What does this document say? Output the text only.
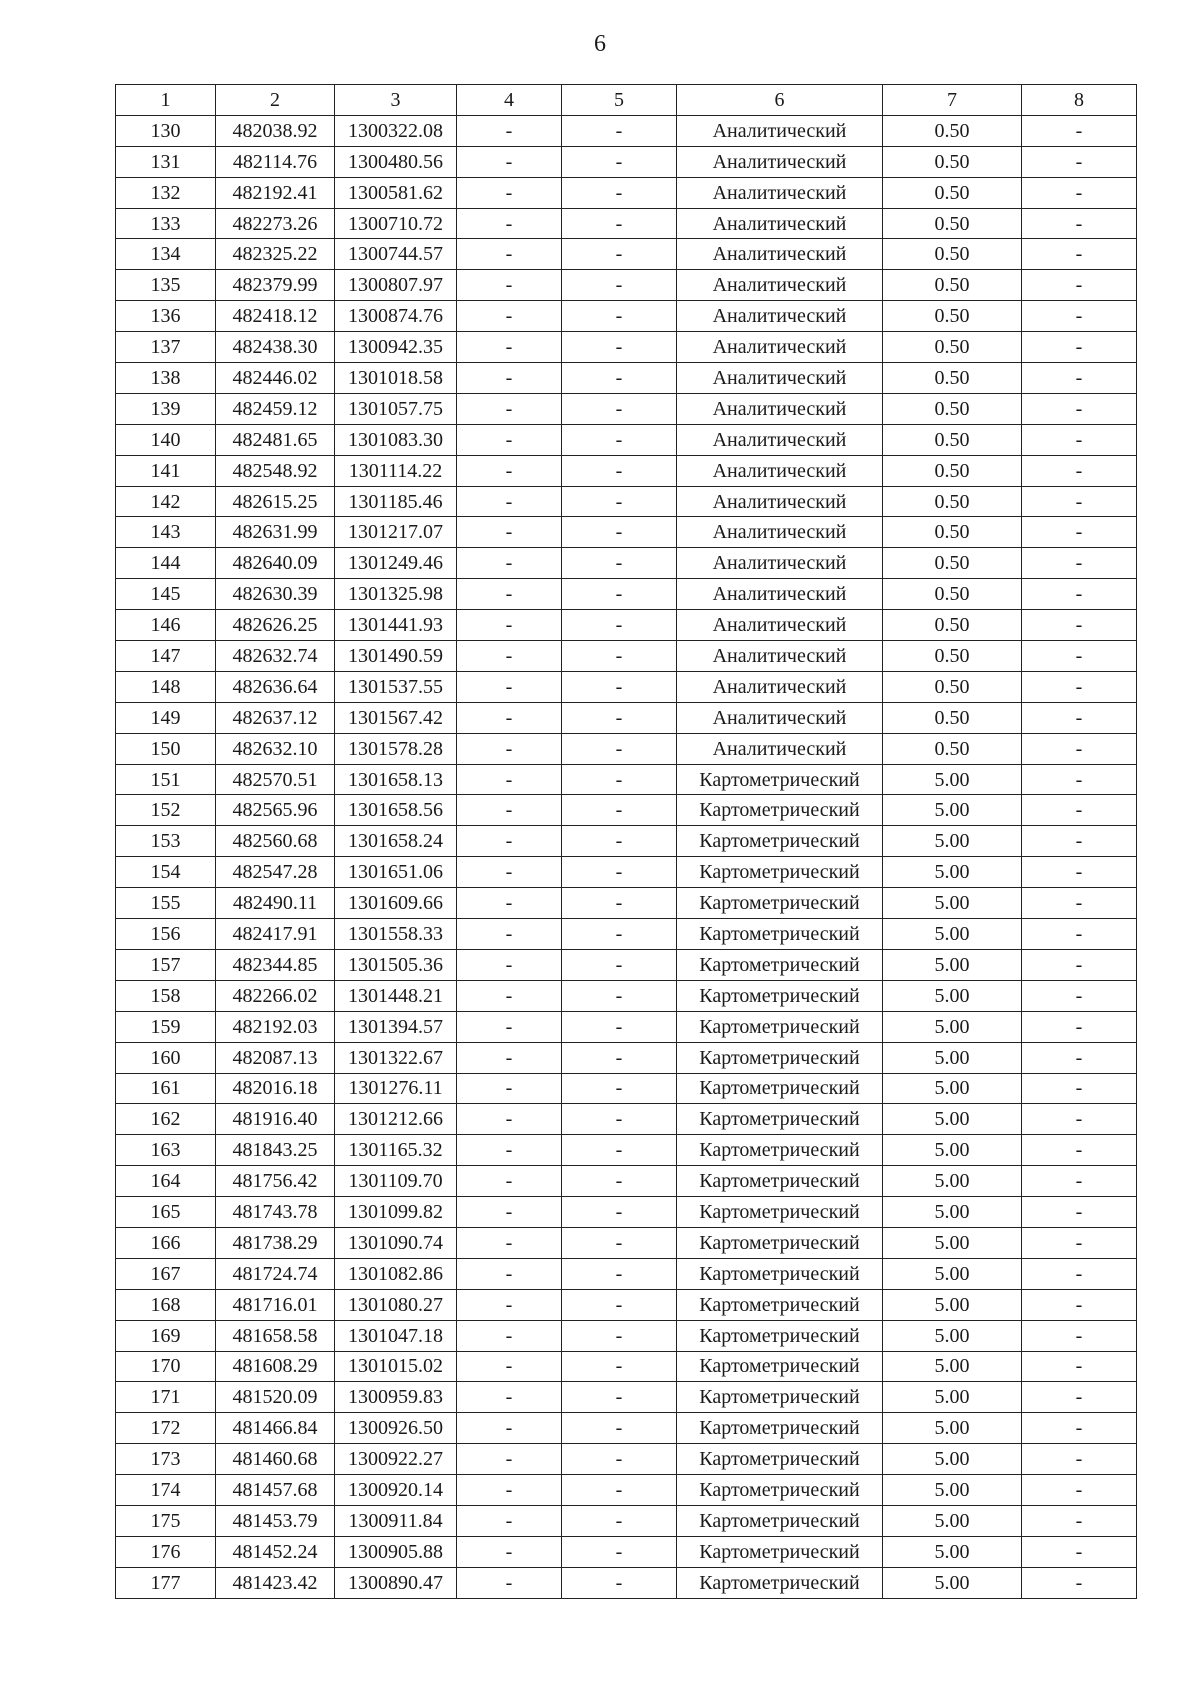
6
1	2	3	4	5	6	7	8
130	482038.92	1300322.08	-	-	Аналитический	0.50	-
131	482114.76	1300480.56	-	-	Аналитический	0.50	-
132	482192.41	1300581.62	-	-	Аналитический	0.50	-
133	482273.26	1300710.72	-	-	Аналитический	0.50	-
134	482325.22	1300744.57	-	-	Аналитический	0.50	-
135	482379.99	1300807.97	-	-	Аналитический	0.50	-
136	482418.12	1300874.76	-	-	Аналитический	0.50	-
137	482438.30	1300942.35	-	-	Аналитический	0.50	-
138	482446.02	1301018.58	-	-	Аналитический	0.50	-
139	482459.12	1301057.75	-	-	Аналитический	0.50	-
140	482481.65	1301083.30	-	-	Аналитический	0.50	-
141	482548.92	1301114.22	-	-	Аналитический	0.50	-
142	482615.25	1301185.46	-	-	Аналитический	0.50	-
143	482631.99	1301217.07	-	-	Аналитический	0.50	-
144	482640.09	1301249.46	-	-	Аналитический	0.50	-
145	482630.39	1301325.98	-	-	Аналитический	0.50	-
146	482626.25	1301441.93	-	-	Аналитический	0.50	-
147	482632.74	1301490.59	-	-	Аналитический	0.50	-
148	482636.64	1301537.55	-	-	Аналитический	0.50	-
149	482637.12	1301567.42	-	-	Аналитический	0.50	-
150	482632.10	1301578.28	-	-	Аналитический	0.50	-
151	482570.51	1301658.13	-	-	Картометрический	5.00	-
152	482565.96	1301658.56	-	-	Картометрический	5.00	-
153	482560.68	1301658.24	-	-	Картометрический	5.00	-
154	482547.28	1301651.06	-	-	Картометрический	5.00	-
155	482490.11	1301609.66	-	-	Картометрический	5.00	-
156	482417.91	1301558.33	-	-	Картометрический	5.00	-
157	482344.85	1301505.36	-	-	Картометрический	5.00	-
158	482266.02	1301448.21	-	-	Картометрический	5.00	-
159	482192.03	1301394.57	-	-	Картометрический	5.00	-
160	482087.13	1301322.67	-	-	Картометрический	5.00	-
161	482016.18	1301276.11	-	-	Картометрический	5.00	-
162	481916.40	1301212.66	-	-	Картометрический	5.00	-
163	481843.25	1301165.32	-	-	Картометрический	5.00	-
164	481756.42	1301109.70	-	-	Картометрический	5.00	-
165	481743.78	1301099.82	-	-	Картометрический	5.00	-
166	481738.29	1301090.74	-	-	Картометрический	5.00	-
167	481724.74	1301082.86	-	-	Картометрический	5.00	-
168	481716.01	1301080.27	-	-	Картометрический	5.00	-
169	481658.58	1301047.18	-	-	Картометрический	5.00	-
170	481608.29	1301015.02	-	-	Картометрический	5.00	-
171	481520.09	1300959.83	-	-	Картометрический	5.00	-
172	481466.84	1300926.50	-	-	Картометрический	5.00	-
173	481460.68	1300922.27	-	-	Картометрический	5.00	-
174	481457.68	1300920.14	-	-	Картометрический	5.00	-
175	481453.79	1300911.84	-	-	Картометрический	5.00	-
176	481452.24	1300905.88	-	-	Картометрический	5.00	-
177	481423.42	1300890.47	-	-	Картометрический	5.00	-
